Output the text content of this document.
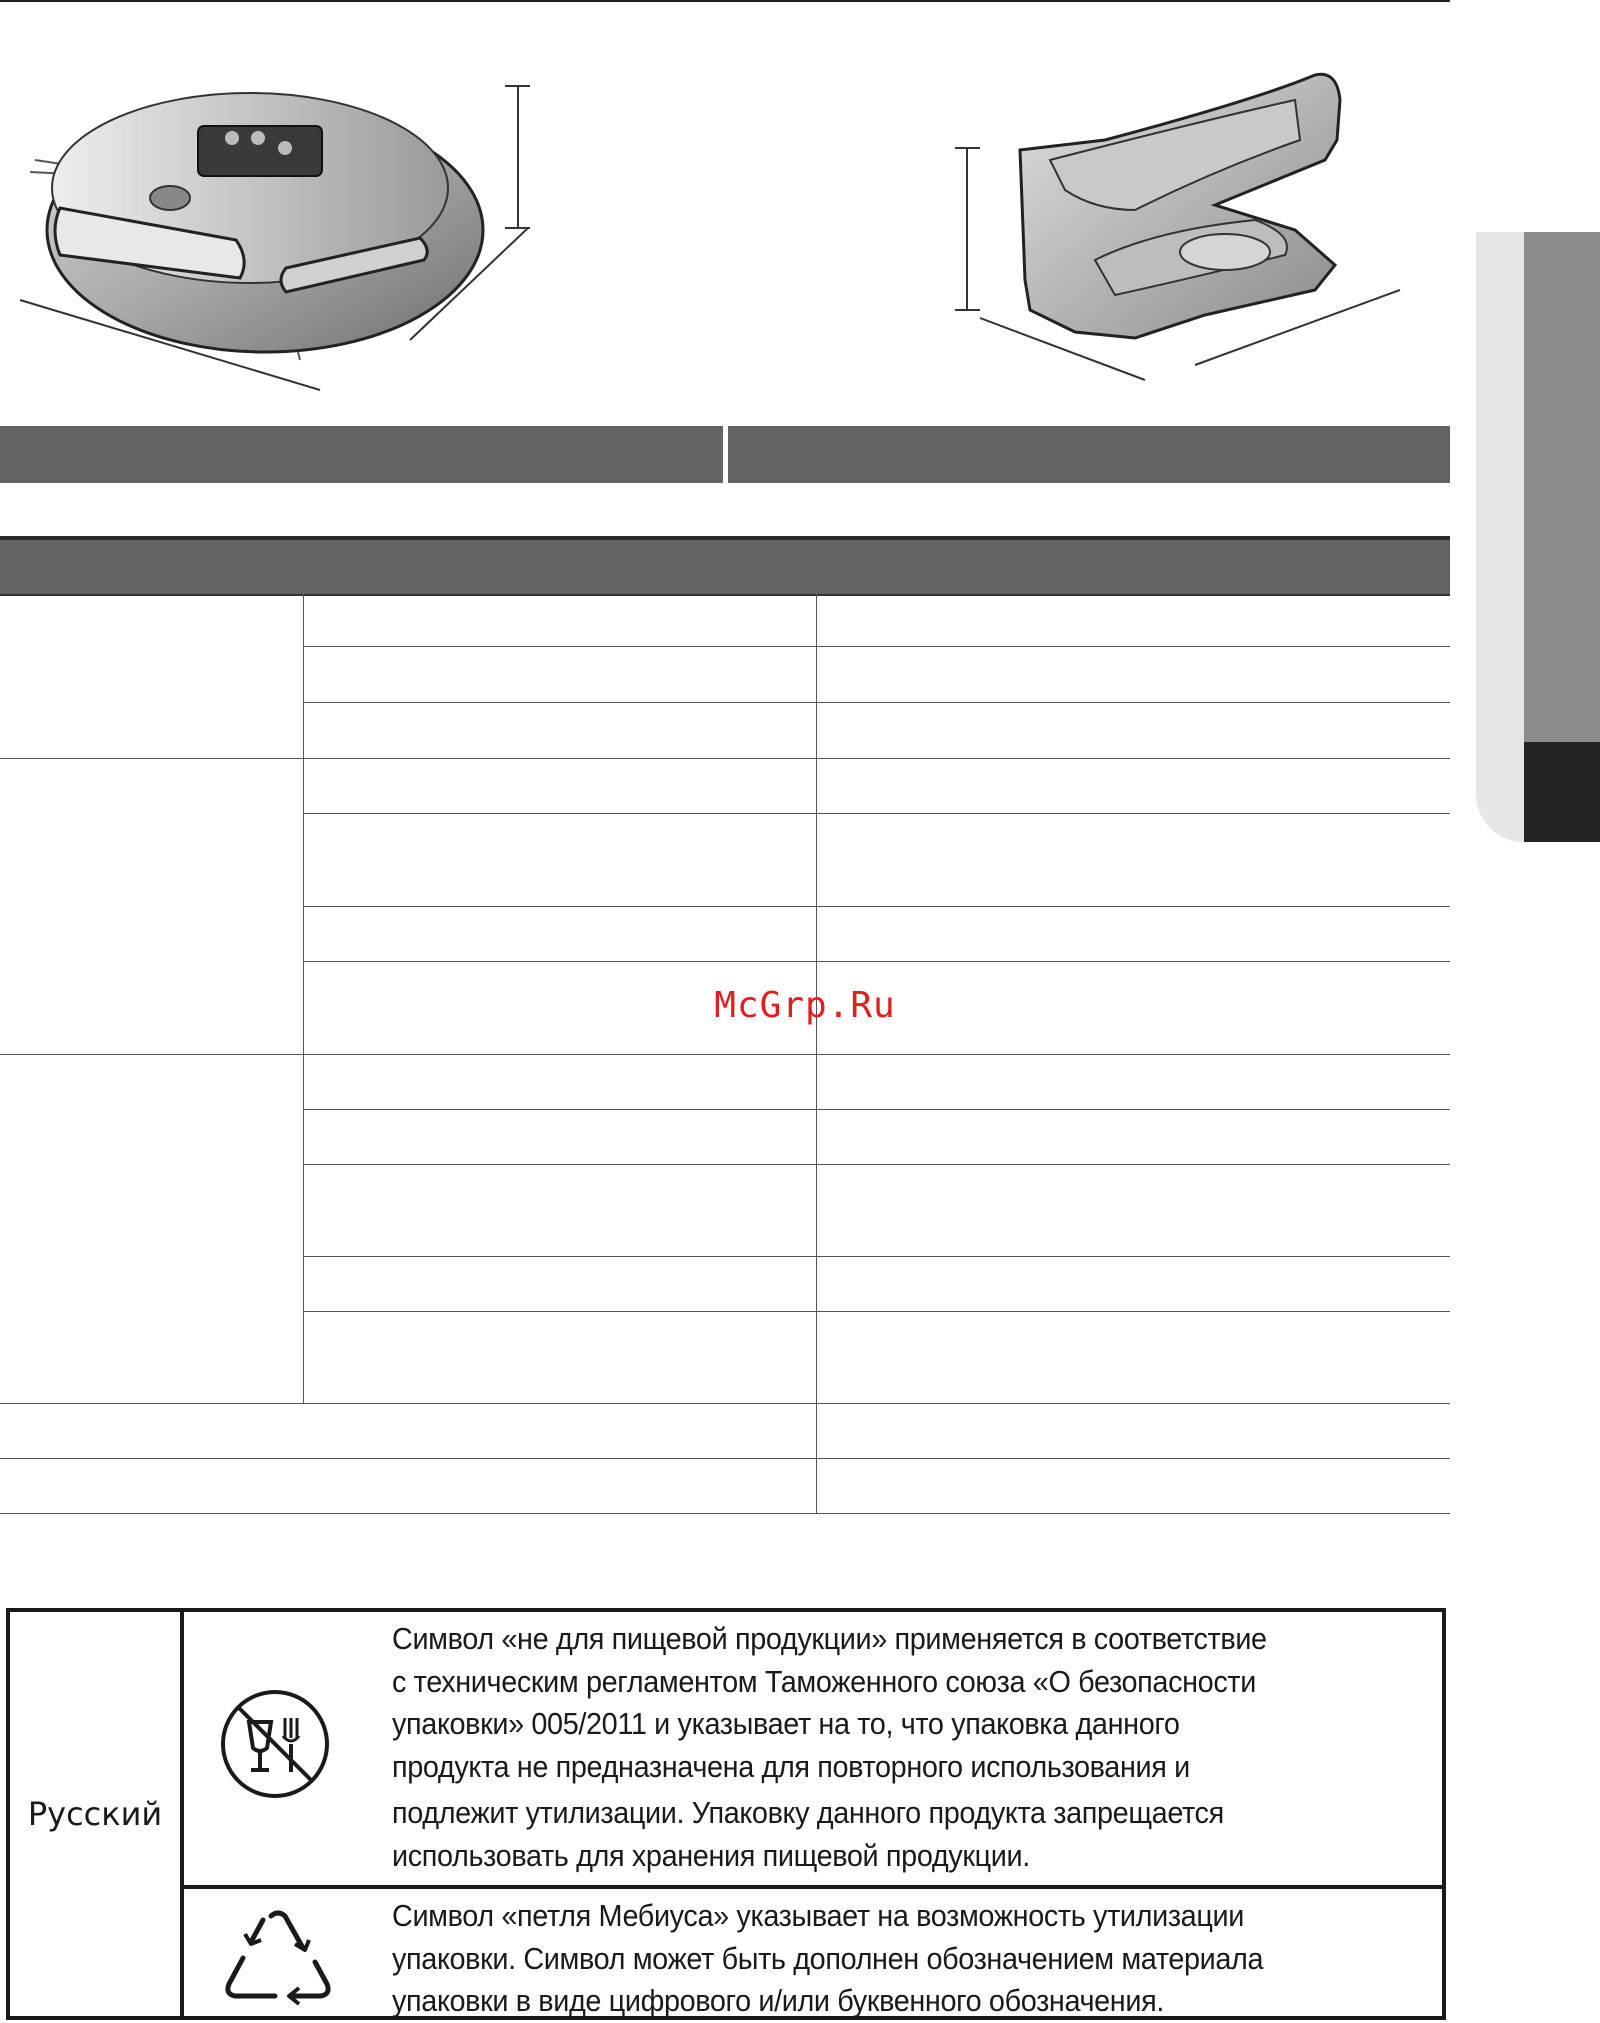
McGrp.Ru
Русский
Символ «не для пищевой продукции» применяется в соответствие
с техническим регламентом Таможенного союза «О безопасности
упаковки» 005/2011 и указывает на то, что упаковка данного
продукта не предназначена для повторного использования и
подлежит утилизации. Упаковку данного продукта запрещается
использовать для хранения пищевой продукции.
Символ «петля Мебиуса» указывает на возможность утилизации
упаковки. Символ может быть дополнен обозначением материала
упаковки в виде цифрового и/или буквенного обозначения.
